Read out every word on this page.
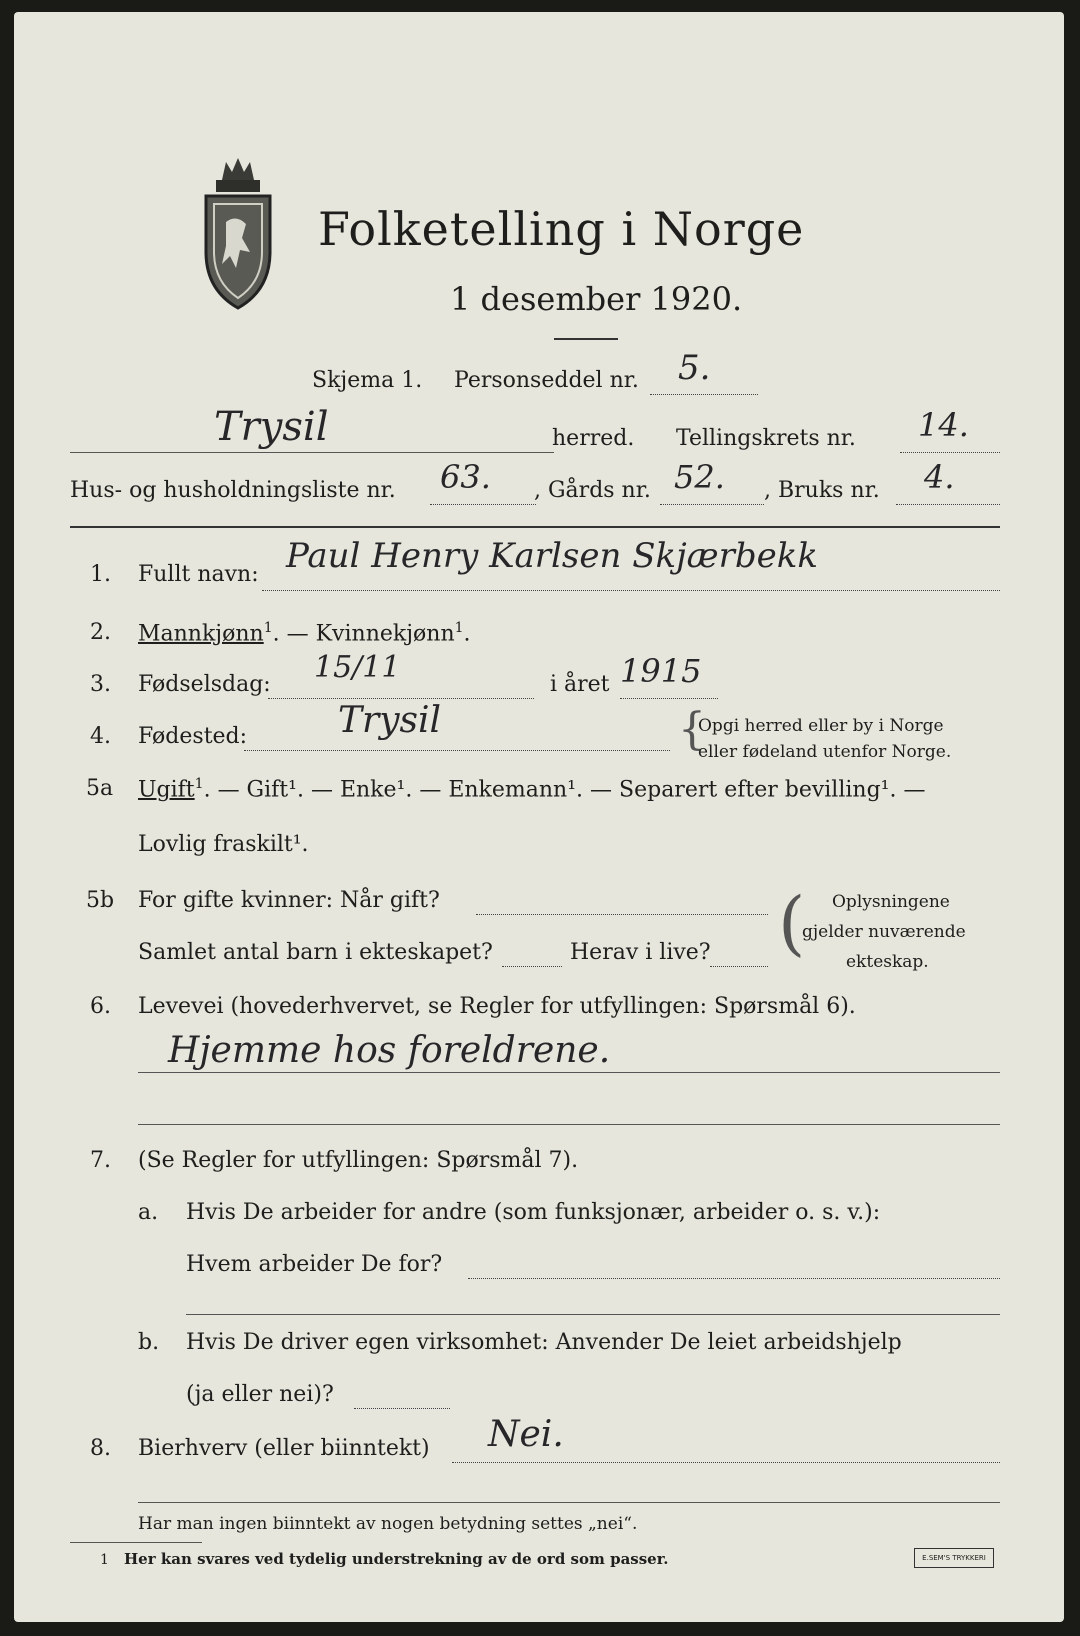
Folketelling i Norge
1 desember 1920.
Skjema 1. Personseddel nr. 5.
Trysil	herred. Tellingskrets nr. 14.
Hus- og husholdningsliste nr. 63. , Gårds nr. 52. , Bruks nr. 4.
1. Fullt navn: Paul Henry Karlsen Skjærbekk
2. Mannkjønn$^1$. — Kvinnekjønn$^1$.
3. Fødselsdag: 15/11	i året 1915
4. Fødested:	Trysil	{
Opgi herred eller by i Norge
eller fødeland utenfor Norge.
5a Ugift$^1$. — Gift¹. — Enke¹. — Enkemann¹. — Separert efter bevilling¹. —
Lovlig fraskilt¹.
5b For gifte kvinner: Når gift?
Samlet antal barn i ekteskapet?	Herav i live? ( Oplysningene
gjelder nuværende
ekteskap.
6. Levevei (hovederhvervet, se Regler for utfyllingen: Spørsmål 6).
Hjemme hos foreldrene.
7. (Se Regler for utfyllingen: Spørsmål 7).
a. Hvis De arbeider for andre (som funksjonær, arbeider o. s. v.):
Hvem arbeider De for?
b. Hvis De driver egen virksomhet: Anvender De leiet arbeidshjelp
(ja eller nei)?
8. Bierhverv (eller biinntekt) Nei.
Har man ingen biinntekt av nogen betydning settes „nei“.
1 Her kan svares ved tydelig understrekning av de ord som passer.	E.SEM'S TRYKKERI
